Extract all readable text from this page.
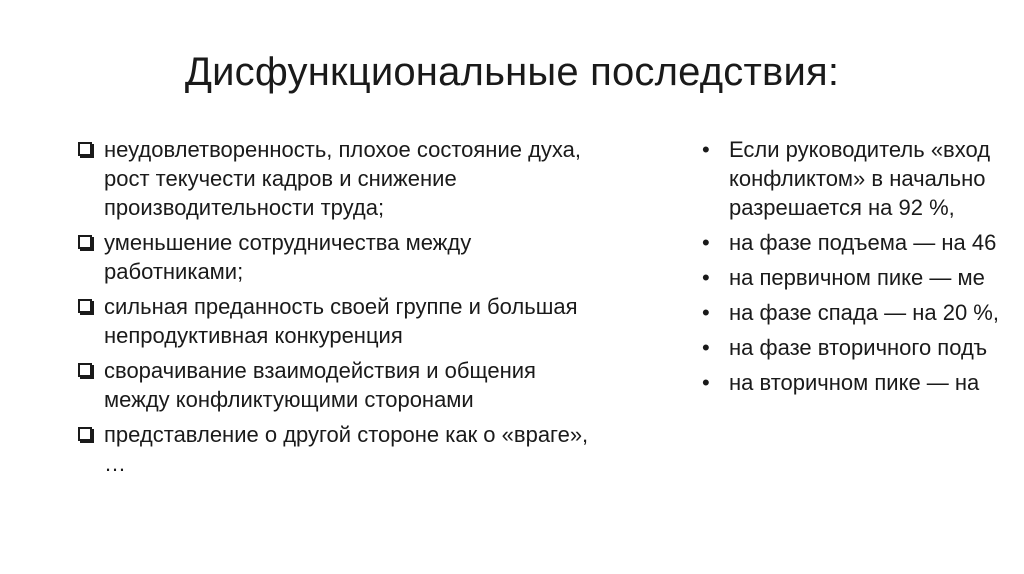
Дисфункциональные последствия:
неудовлетворенность, плохое состояние духа,
рост текучести кадров и снижение
производительности труда;
уменьшение сотрудничества между
работниками;
сильная преданность своей группе и большая
непродуктивная конкуренция
сворачивание взаимодействия и общения
между конфликтующими сторонами
представление о другой стороне как о «враге»,
…
• Если руководитель «вход
конфликтом» в начально
разрешается на 92 %,
• на фазе подъема — на 46
• на первичном пике — ме
• на фазе спада — на 20 %,
• на фазе вторичного подъ
• на вторичном пике — на
